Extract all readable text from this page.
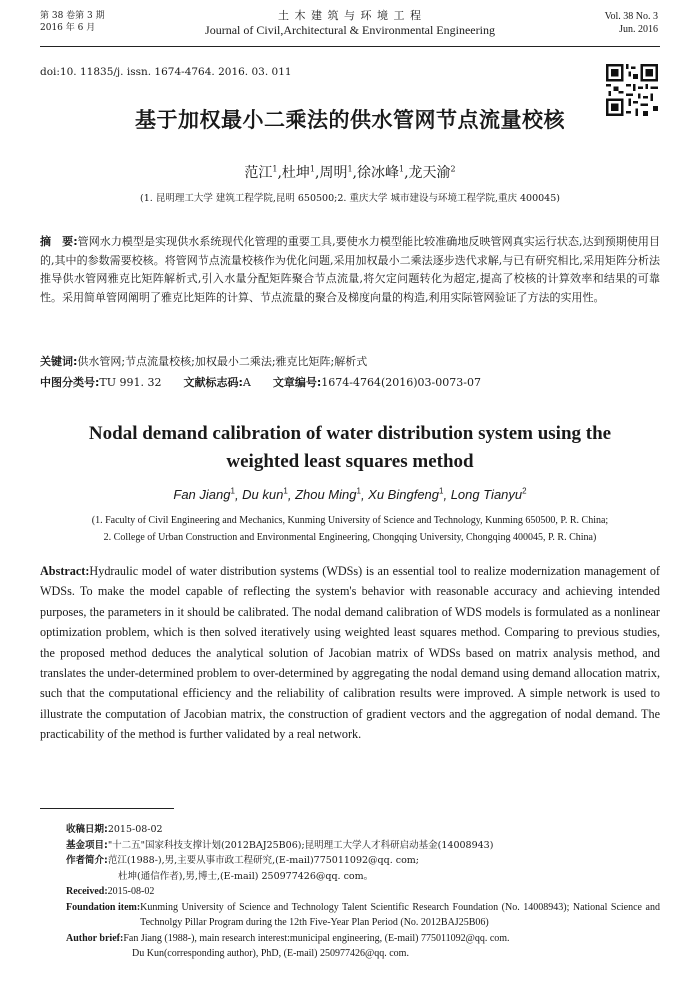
第 38 卷第 3 期
2016 年 6 月
土 木 建 筑 与 环 境 工 程
Journal of Civil,Architectural & Environmental Engineering
Vol. 38 No. 3
Jun. 2016
doi:10. 11835/j. issn. 1674-4764. 2016. 03. 011
基于加权最小二乘法的供水管网节点流量校核
范江$^1$,杜坤$^1$,周明$^1$,徐冰峰$^1$,龙天渝$^2$
(1. 昆明理工大学 建筑工程学院,昆明 650500;2. 重庆大学 城市建设与环境工程学院,重庆 400045)
摘　要:管网水力模型是实现供水系统现代化管理的重要工具,要使水力模型能比较准确地反映管网真实运行状态,达到预期使用目的,其中的参数需要校核。将管网节点流量校核作为优化问题,采用加权最小二乘法逐步迭代求解,与已有研究相比,采用矩阵分析法推导供水管网雅克比矩阵解析式,引入水量分配矩阵聚合节点流量,将欠定问题转化为超定,提高了校核的计算效率和结果的可靠性。采用简单管网阐明了雅克比矩阵的计算、节点流量的聚合及梯度向量的构造,利用实际管网验证了方法的实用性。
关键词:供水管网;节点流量校核;加权最小二乘法;雅克比矩阵;解析式
中图分类号:TU 991. 32 文献标志码:A 文章编号:1674-4764(2016)03-0073-07
Nodal demand calibration of water distribution system using the
weighted least squares method
Fan Jiang$^1$, Du kun$^1$, Zhou Ming$^1$, Xu Bingfeng$^1$, Long Tianyu$^2$
(1. Faculty of Civil Engineering and Mechanics, Kunming University of Science and Technology, Kunming 650500, P. R. China;
2. College of Urban Construction and Environmental Engineering, Chongqing University, Chongqing 400045, P. R. China)
Abstract:Hydraulic model of water distribution systems (WDSs) is an essential tool to realize modernization management of WDSs. To make the model capable of reflecting the system's behavior with reasonable accuracy and achieving intended purposes, the parameters in it should be calibrated. The nodal demand calibration of WDS models is formulated as a nonlinear optimization problem, which is then solved iteratively using weighted least squares method. Comparing to previous studies, the proposed method deduces the analytical solution of Jacobian matrix of WDSs based on matrix analysis method, and translates the under-determined problem to over-determined by aggregating the nodal demand using demand allocation matrix, such that the computational efficiency and the reliability of calibration results were improved. A simple network is used to illustrate the computation of Jacobian matrix, the construction of gradient vectors and the aggregation of nodal demand. The practicability of the method is further validated by a real network.
收稿日期: 2015-08-02
基金项目: "十二五"国家科技支撑计划(2012BAJ25B06);昆明理工大学人才科研启动基金(14008943)
作者简介: 范江(1988-),男,主要从事市政工程研究,(E-mail)775011092@qq. com;
杜坤(通信作者),男,博士,(E-mail) 250977426@qq. com。
Received: 2015-08-02
Foundation item: Kunming University of Science and Technology Talent Scientific Research Foundation (No. 14008943); National Science and Technolgy Pillar Program during the 12th Five-Year Plan Period (No. 2012BAJ25B06)
Author brief: Fan Jiang (1988-), main research interest:municipal engineering, (E-mail) 775011092@qq. com.
Du Kun(corresponding author), PhD, (E-mail) 250977426@qq. com.
